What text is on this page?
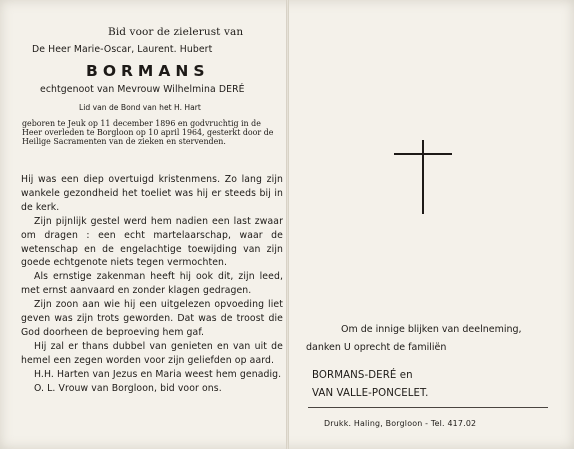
Bid voor de zielerust van
De Heer Marie-Oscar, Laurent. Hubert
BORMANS
echtgenoot van Mevrouw Wilhelmina DERÉ
Lid van de Bond van het H. Hart
geboren te Jeuk op 11 december 1896 en godvruchtig in de Heer overleden te Borgloon op 10 april 1964, gesterkt door de Heilige Sacramenten van de zieken en stervenden.

Hij was een diep overtuigd kristenmens. Zo lang zijn wankele gezondheid het toeliet was hij er steeds bij in de kerk.

Zijn pijnlijk gestel werd hem nadien een last zwaar om dragen : een echt martelaarschap, waar de wetenschap en de engelachtige toewijding van zijn goede echtgenote niets tegen vermochten.

Als ernstige zakenman heeft hij ook dit, zijn leed, met ernst aanvaard en zonder klagen gedragen.

Zijn zoon aan wie hij een uitgelezen opvoeding liet geven was zijn trots geworden. Dat was de troost die God doorheen de beproeving hem gaf.

Hij zal er thans dubbel van genieten en van uit de hemel een zegen worden voor zijn geliefden op aard.

H.H. Harten van Jezus en Maria weest hem genadig.

O. L. Vrouw van Borgloon, bid voor ons.

Om de innige blijken van deelneming,
danken U oprecht de familiën
BORMANS-DERÉ en
VAN VALLE-PONCELET.
Drukk. Haling, Borgloon - Tel. 417.02
